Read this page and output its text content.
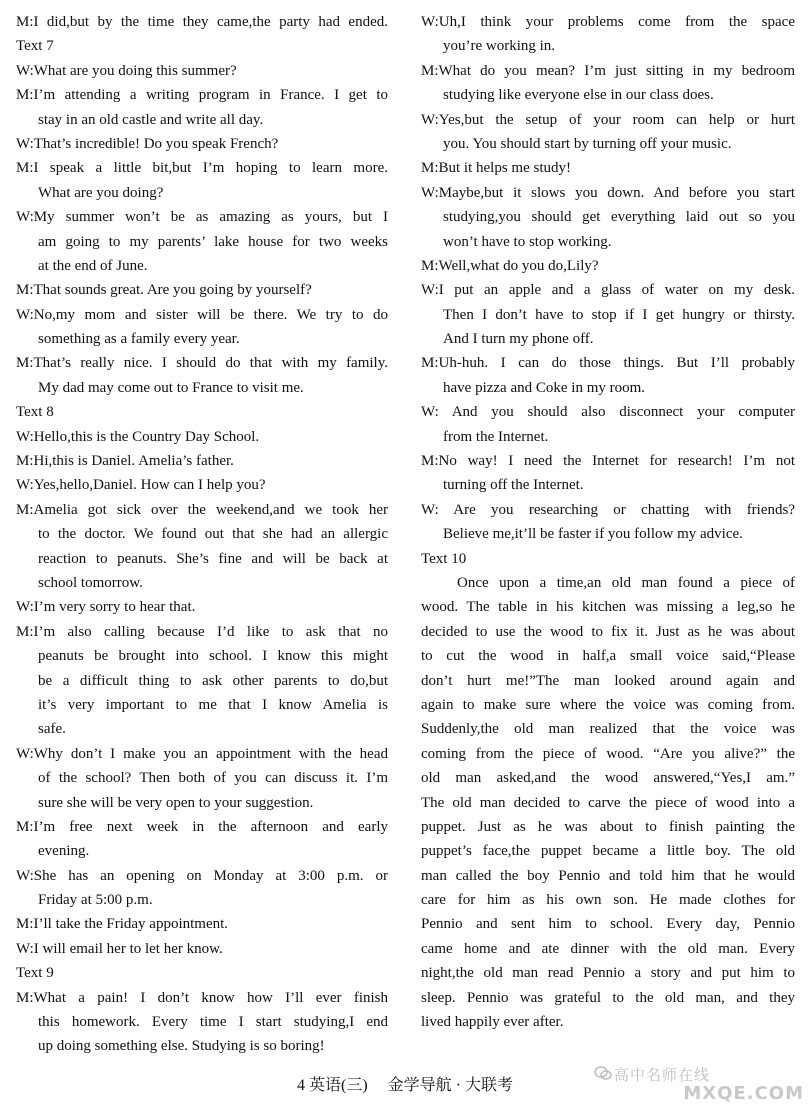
M:I did,but by the time they came,the party had ended.
Text 7
W:What are you doing this summer?
M:I’m attending a writing program in France. I get to
stay in an old castle and write all day.
W:That’s incredible! Do you speak French?
M:I speak a little bit,but I’m hoping to learn more.
What are you doing?
W:My summer won’t be as amazing as yours, but I
am going to my parents’ lake house for two weeks
at the end of June.
M:That sounds great. Are you going by yourself?
W:No,my mom and sister will be there. We try to do
something as a family every year.
M:That’s really nice. I should do that with my family.
My dad may come out to France to visit me.
Text 8
W:Hello,this is the Country Day School.
M:Hi,this is Daniel. Amelia’s father.
W:Yes,hello,Daniel. How can I help you?
M:Amelia got sick over the weekend,and we took her
to the doctor. We found out that she had an allergic
reaction to peanuts. She’s fine and will be back at
school tomorrow.
W:I’m very sorry to hear that.
M:I’m also calling because I’d like to ask that no
peanuts be brought into school. I know this might
be a difficult thing to ask other parents to do,but
it’s very important to me that I know Amelia is
safe.
W:Why don’t I make you an appointment with the head
of the school? Then both of you can discuss it. I’m
sure she will be very open to your suggestion.
M:I’m free next week in the afternoon and early
evening.
W:She has an opening on Monday at 3:00 p.m. or
Friday at 5:00 p.m.
M:I’ll take the Friday appointment.
W:I will email her to let her know.
Text 9
M:What a pain! I don’t know how I’ll ever finish
this homework. Every time I start studying,I end
up doing something else. Studying is so boring!
W:Uh,I think your problems come from the space
you’re working in.
M:What do you mean? I’m just sitting in my bedroom
studying like everyone else in our class does.
W:Yes,but the setup of your room can help or hurt
you. You should start by turning off your music.
M:But it helps me study!
W:Maybe,but it slows you down. And before you start
studying,you should get everything laid out so you
won’t have to stop working.
M:Well,what do you do,Lily?
W:I put an apple and a glass of water on my desk.
Then I don’t have to stop if I get hungry or thirsty.
And I turn my phone off.
M:Uh-huh. I can do those things. But I’ll probably
have pizza and Coke in my room.
W: And you should also disconnect your computer
from the Internet.
M:No way! I need the Internet for research! I’m not
turning off the Internet.
W: Are you researching or chatting with friends?
Believe me,it’ll be faster if you follow my advice.
Text 10
Once upon a time,an old man found a piece of
wood. The table in his kitchen was missing a leg,so he
decided to use the wood to fix it. Just as he was about
to cut the wood in half,a small voice said,“Please
don’t hurt me!”The man looked around again and
again to make sure where the voice was coming from.
Suddenly,the old man realized that the voice was
coming from the piece of wood. “Are you alive?” the
old man asked,and the wood answered,“Yes,I am.”
The old man decided to carve the piece of wood into a
puppet. Just as he was about to finish painting the
puppet’s face,the puppet became a little boy. The old
man called the boy Pennio and told him that he would
care for him as his own son. He made clothes for
Pennio and sent him to school. Every day, Pennio
came home and ate dinner with the old man. Every
night,the old man read Pennio a story and put him to
sleep. Pennio was grateful to the old man, and they
lived happily ever after.
4 英语(三) 金学导航 · 大联考
高中名师在线
MXQE.COM
